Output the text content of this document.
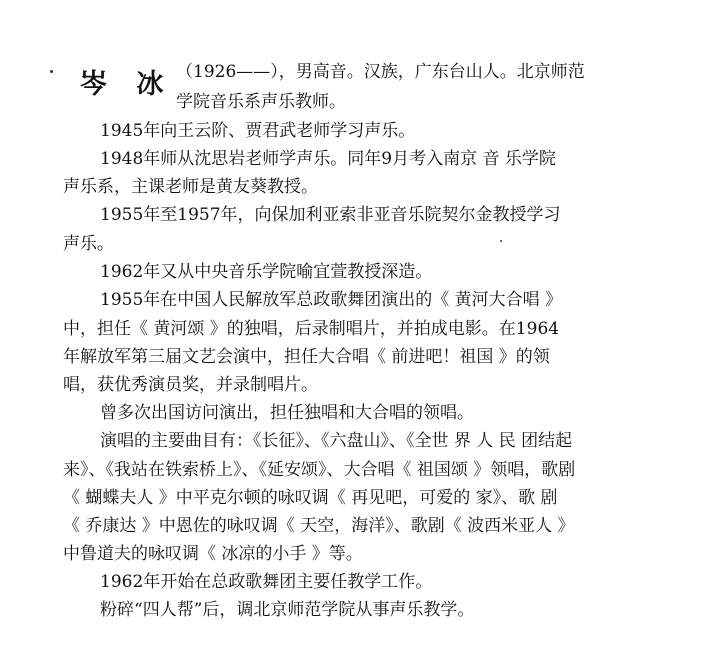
岑 冰 （1926——），男高音。汉族，广东台山人。北京师范
学院音乐系声乐教师。
1945年向王云阶、贾君武老师学习声乐。
1948年师从沈思岩老师学声乐。同年9月考入南京 音 乐学院
声乐系，主课老师是黄友葵教授。
1955年至1957年，向保加利亚索非亚音乐院契尔金教授学习
声乐。
1962年又从中央音乐学院喻宜萱教授深造。
1955年在中国人民解放军总政歌舞团演出的《 黄河大合唱 》
中，担任《 黄河颂 》的独唱，后录制唱片，并拍成电影。在1964
年解放军第三届文艺会演中，担任大合唱《 前进吧！祖国 》的领
唱，获优秀演员奖，并录制唱片。
曾多次出国访问演出，担任独唱和大合唱的领唱。
演唱的主要曲目有：《长征》、《六盘山》、《全世 界 人 民 团结起
来》、《我站在铁索桥上》、《延安颂》、大合唱《 祖国颂 》领唱，歌剧
《 蝴蝶夫人 》中平克尔顿的咏叹调《 再见吧，可爱的 家》、歌 剧
《 乔康达 》中恩佐的咏叹调《 天空，海洋》、歌剧《 波西米亚人 》
中鲁道夫的咏叹调《 冰凉的小手 》等。
1962年开始在总政歌舞团主要任教学工作。
粉碎“四人帮”后，调北京师范学院从事声乐教学。
